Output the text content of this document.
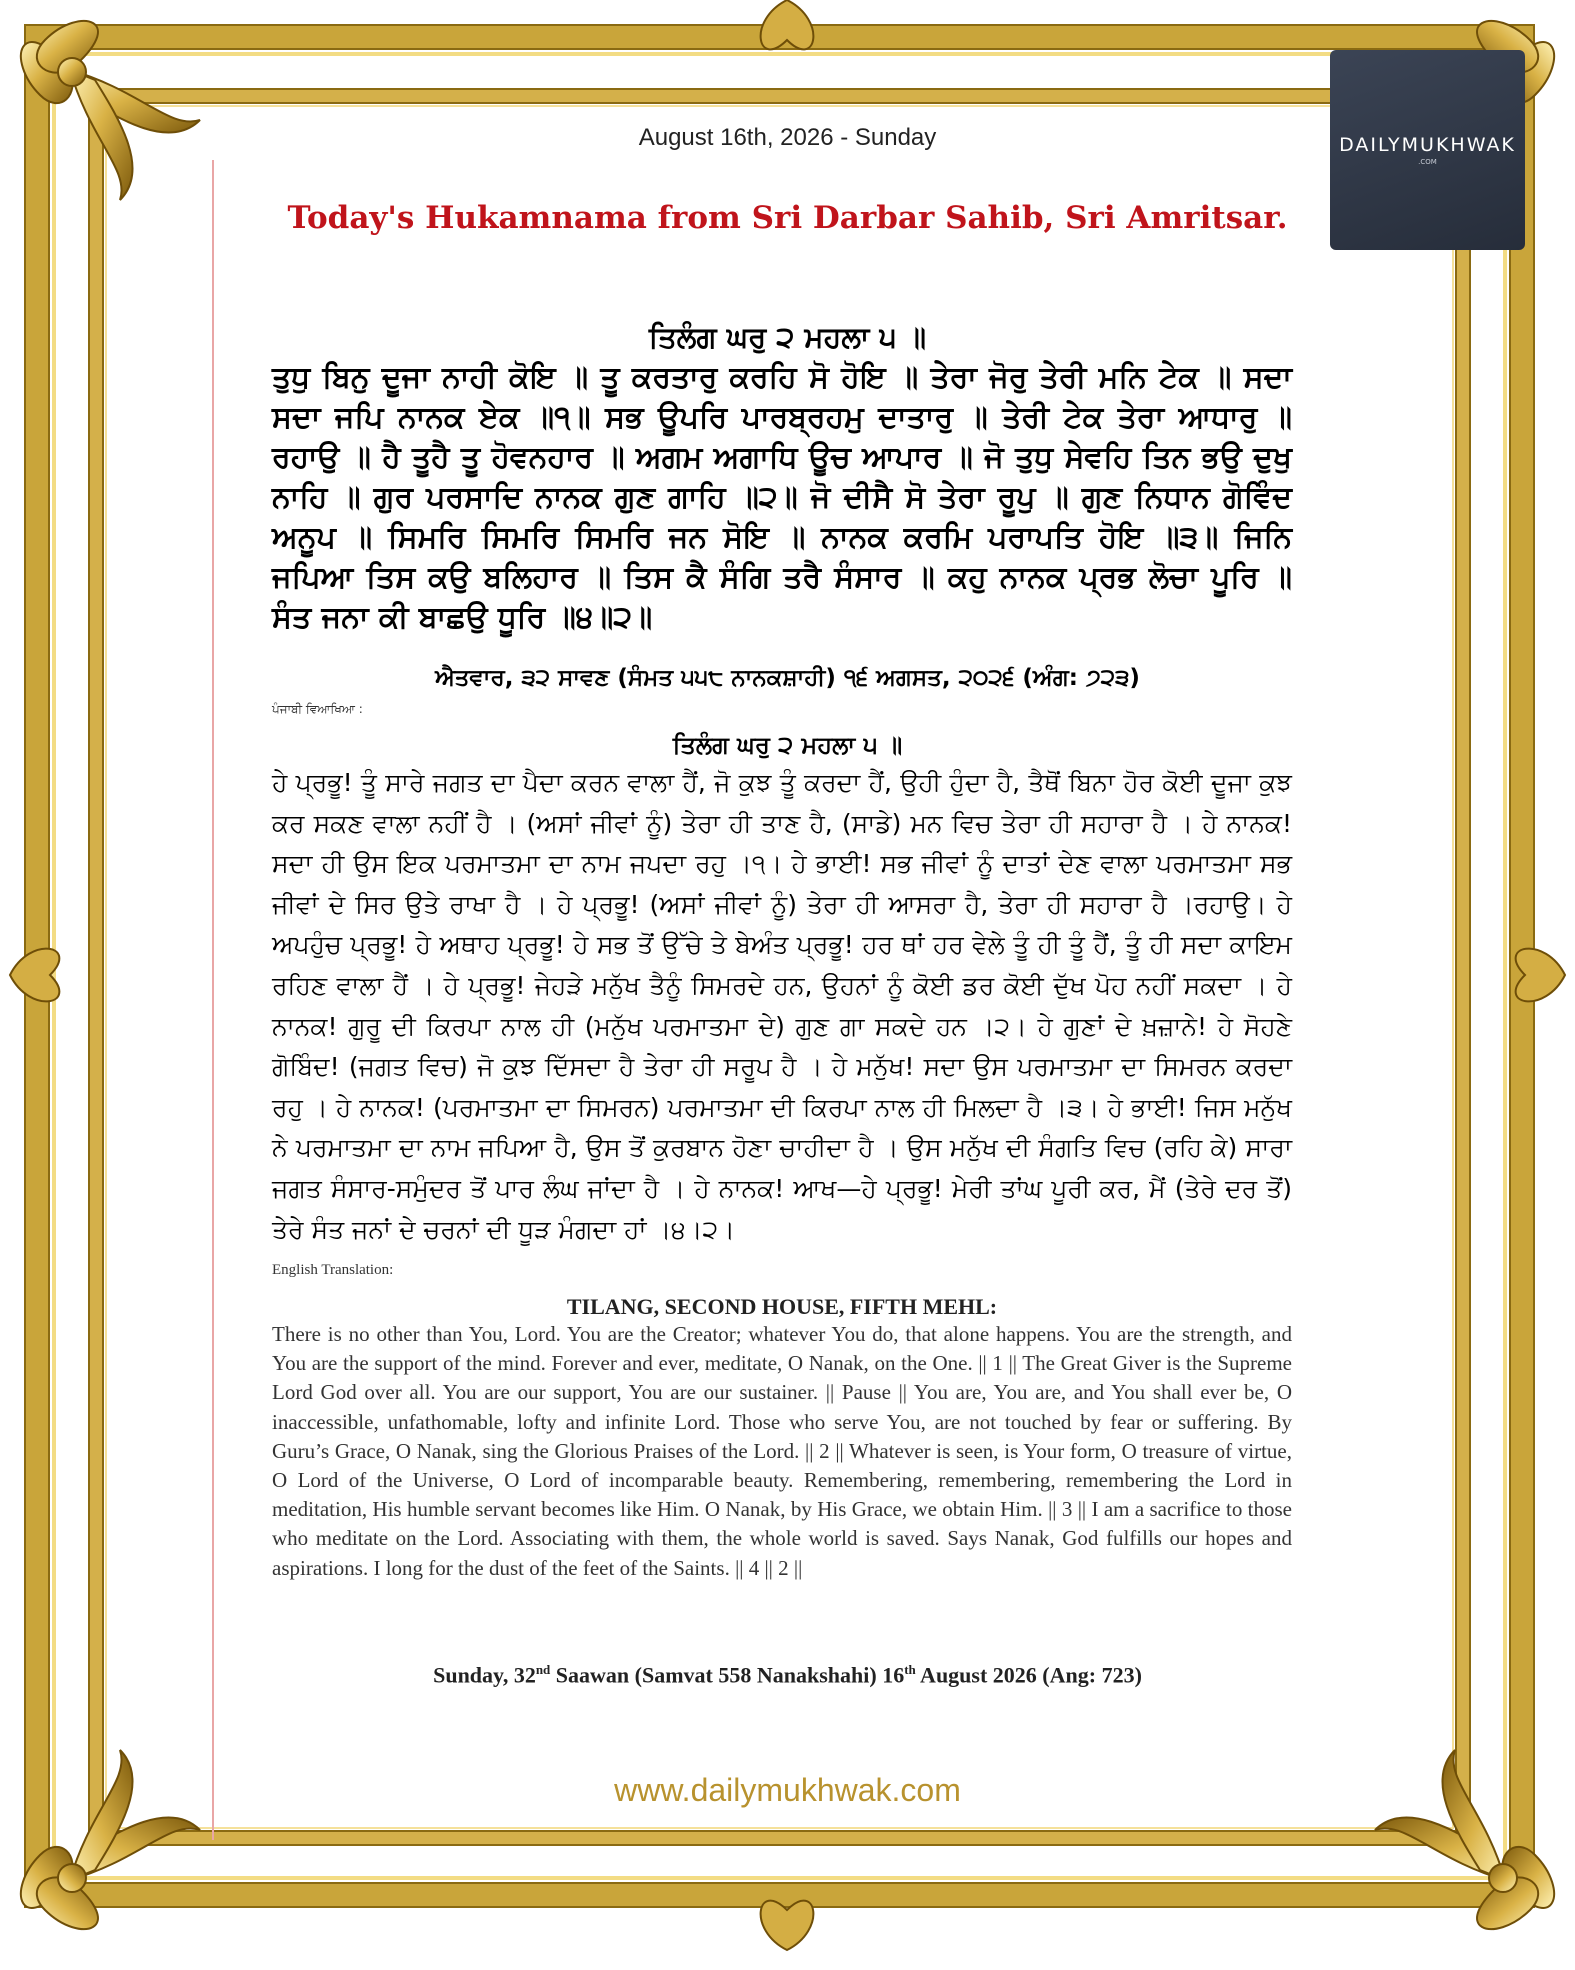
DAILYMUKHWAK
.COM
August 16th, 2026 - Sunday
Today's Hukamnama from Sri Darbar Sahib, Sri Amritsar.
ਤਿਲੰਗ ਘਰੁ ੨ ਮਹਲਾ ੫ ॥
ਤੁਧੁ ਬਿਨੁ ਦੂਜਾ ਨਾਹੀ ਕੋਇ ॥ ਤੂ ਕਰਤਾਰੁ ਕਰਹਿ ਸੋ ਹੋਇ ॥ ਤੇਰਾ ਜੋਰੁ ਤੇਰੀ ਮਨਿ ਟੇਕ ॥ ਸਦਾ ਸਦਾ ਜਪਿ ਨਾਨਕ ਏਕ ॥੧॥ ਸਭ ਊਪਰਿ ਪਾਰਬ੍ਰਹਮੁ ਦਾਤਾਰੁ ॥ ਤੇਰੀ ਟੇਕ ਤੇਰਾ ਆਧਾਰੁ ॥ ਰਹਾਉ ॥ ਹੈ ਤੂਹੈ ਤੂ ਹੋਵਨਹਾਰ ॥ ਅਗਮ ਅਗਾਧਿ ਊਚ ਆਪਾਰ ॥ ਜੋ ਤੁਧੁ ਸੇਵਹਿ ਤਿਨ ਭਉ ਦੁਖੁ ਨਾਹਿ ॥ ਗੁਰ ਪਰਸਾਦਿ ਨਾਨਕ ਗੁਣ ਗਾਹਿ ॥੨॥ ਜੋ ਦੀਸੈ ਸੋ ਤੇਰਾ ਰੂਪੁ ॥ ਗੁਣ ਨਿਧਾਨ ਗੋਵਿੰਦ ਅਨੂਪ ॥ ਸਿਮਰਿ ਸਿਮਰਿ ਸਿਮਰਿ ਜਨ ਸੋਇ ॥ ਨਾਨਕ ਕਰਮਿ ਪਰਾਪਤਿ ਹੋਇ ॥੩॥ ਜਿਨਿ ਜਪਿਆ ਤਿਸ ਕਉ ਬਲਿਹਾਰ ॥ ਤਿਸ ਕੈ ਸੰਗਿ ਤਰੈ ਸੰਸਾਰ ॥ ਕਹੁ ਨਾਨਕ ਪ੍ਰਭ ਲੋਚਾ ਪੂਰਿ ॥ ਸੰਤ ਜਨਾ ਕੀ ਬਾਛਉ ਧੂਰਿ ॥੪॥੨॥
ਐਤਵਾਰ, ੩੨ ਸਾਵਣ (ਸੰਮਤ ੫੫੮ ਨਾਨਕਸ਼ਾਹੀ) ੧੬ ਅਗਸਤ, ੨੦੨੬ (ਅੰਗ: ੭੨੩)
ਪੰਜਾਬੀ ਵਿਆਖਿਆ :
ਤਿਲੰਗ ਘਰੁ ੨ ਮਹਲਾ ੫ ॥
ਹੇ ਪ੍ਰਭੂ! ਤੂੰ ਸਾਰੇ ਜਗਤ ਦਾ ਪੈਦਾ ਕਰਨ ਵਾਲਾ ਹੈਂ, ਜੋ ਕੁਝ ਤੂੰ ਕਰਦਾ ਹੈਂ, ਉਹੀ ਹੁੰਦਾ ਹੈ, ਤੈਥੋਂ ਬਿਨਾ ਹੋਰ ਕੋਈ ਦੂਜਾ ਕੁਝ ਕਰ ਸਕਣ ਵਾਲਾ ਨਹੀਂ ਹੈ । (ਅਸਾਂ ਜੀਵਾਂ ਨੂੰ) ਤੇਰਾ ਹੀ ਤਾਣ ਹੈ, (ਸਾਡੇ) ਮਨ ਵਿਚ ਤੇਰਾ ਹੀ ਸਹਾਰਾ ਹੈ । ਹੇ ਨਾਨਕ! ਸਦਾ ਹੀ ਉਸ ਇਕ ਪਰਮਾਤਮਾ ਦਾ ਨਾਮ ਜਪਦਾ ਰਹੁ ।੧। ਹੇ ਭਾਈ! ਸਭ ਜੀਵਾਂ ਨੂੰ ਦਾਤਾਂ ਦੇਣ ਵਾਲਾ ਪਰਮਾਤਮਾ ਸਭ ਜੀਵਾਂ ਦੇ ਸਿਰ ਉਤੇ ਰਾਖਾ ਹੈ । ਹੇ ਪ੍ਰਭੂ! (ਅਸਾਂ ਜੀਵਾਂ ਨੂੰ) ਤੇਰਾ ਹੀ ਆਸਰਾ ਹੈ, ਤੇਰਾ ਹੀ ਸਹਾਰਾ ਹੈ ।ਰਹਾਉ। ਹੇ ਅਪਹੁੰਚ ਪ੍ਰਭੂ! ਹੇ ਅਥਾਹ ਪ੍ਰਭੂ! ਹੇ ਸਭ ਤੋਂ ਉੱਚੇ ਤੇ ਬੇਅੰਤ ਪ੍ਰਭੂ! ਹਰ ਥਾਂ ਹਰ ਵੇਲੇ ਤੂੰ ਹੀ ਤੂੰ ਹੈਂ, ਤੂੰ ਹੀ ਸਦਾ ਕਾਇਮ ਰਹਿਣ ਵਾਲਾ ਹੈਂ । ਹੇ ਪ੍ਰਭੂ! ਜੇਹੜੇ ਮਨੁੱਖ ਤੈਨੂੰ ਸਿਮਰਦੇ ਹਨ, ਉਹਨਾਂ ਨੂੰ ਕੋਈ ਡਰ ਕੋਈ ਦੁੱਖ ਪੋਹ ਨਹੀਂ ਸਕਦਾ । ਹੇ ਨਾਨਕ! ਗੁਰੂ ਦੀ ਕਿਰਪਾ ਨਾਲ ਹੀ (ਮਨੁੱਖ ਪਰਮਾਤਮਾ ਦੇ) ਗੁਣ ਗਾ ਸਕਦੇ ਹਨ ।੨। ਹੇ ਗੁਣਾਂ ਦੇ ਖ਼ਜ਼ਾਨੇ! ਹੇ ਸੋਹਣੇ ਗੋਬਿੰਦ! (ਜਗਤ ਵਿਚ) ਜੋ ਕੁਝ ਦਿੱਸਦਾ ਹੈ ਤੇਰਾ ਹੀ ਸਰੂਪ ਹੈ । ਹੇ ਮਨੁੱਖ! ਸਦਾ ਉਸ ਪਰਮਾਤਮਾ ਦਾ ਸਿਮਰਨ ਕਰਦਾ ਰਹੁ । ਹੇ ਨਾਨਕ! (ਪਰਮਾਤਮਾ ਦਾ ਸਿਮਰਨ) ਪਰਮਾਤਮਾ ਦੀ ਕਿਰਪਾ ਨਾਲ ਹੀ ਮਿਲਦਾ ਹੈ ।੩। ਹੇ ਭਾਈ! ਜਿਸ ਮਨੁੱਖ ਨੇ ਪਰਮਾਤਮਾ ਦਾ ਨਾਮ ਜਪਿਆ ਹੈ, ਉਸ ਤੋਂ ਕੁਰਬਾਨ ਹੋਣਾ ਚਾਹੀਦਾ ਹੈ । ਉਸ ਮਨੁੱਖ ਦੀ ਸੰਗਤਿ ਵਿਚ (ਰਹਿ ਕੇ) ਸਾਰਾ ਜਗਤ ਸੰਸਾਰ-ਸਮੁੰਦਰ ਤੋਂ ਪਾਰ ਲੰਘ ਜਾਂਦਾ ਹੈ । ਹੇ ਨਾਨਕ! ਆਖ—ਹੇ ਪ੍ਰਭੂ! ਮੇਰੀ ਤਾਂਘ ਪੂਰੀ ਕਰ, ਮੈਂ (ਤੇਰੇ ਦਰ ਤੋਂ) ਤੇਰੇ ਸੰਤ ਜਨਾਂ ਦੇ ਚਰਨਾਂ ਦੀ ਧੂੜ ਮੰਗਦਾ ਹਾਂ ।੪।੨।
English Translation:
TILANG, SECOND HOUSE, FIFTH MEHL:
There is no other than You, Lord. You are the Creator; whatever You do, that alone happens. You are the strength, and You are the support of the mind. Forever and ever, meditate, O Nanak, on the One. || 1 || The Great Giver is the Supreme Lord God over all. You are our support, You are our sustainer. || Pause || You are, You are, and You shall ever be, O inaccessible, unfathomable, lofty and infinite Lord. Those who serve You, are not touched by fear or suffering. By Guru’s Grace, O Nanak, sing the Glorious Praises of the Lord. || 2 || Whatever is seen, is Your form, O treasure of virtue, O Lord of the Universe, O Lord of incomparable beauty. Remembering, remembering, remembering the Lord in meditation, His humble servant becomes like Him. O Nanak, by His Grace, we obtain Him. || 3 || I am a sacrifice to those who meditate on the Lord. Associating with them, the whole world is saved. Says Nanak, God fulfills our hopes and aspirations. I long for the dust of the feet of the Saints. || 4 || 2 ||
Sunday, 32nd Saawan (Samvat 558 Nanakshahi) 16th August 2026 (Ang: 723)
www.dailymukhwak.com
